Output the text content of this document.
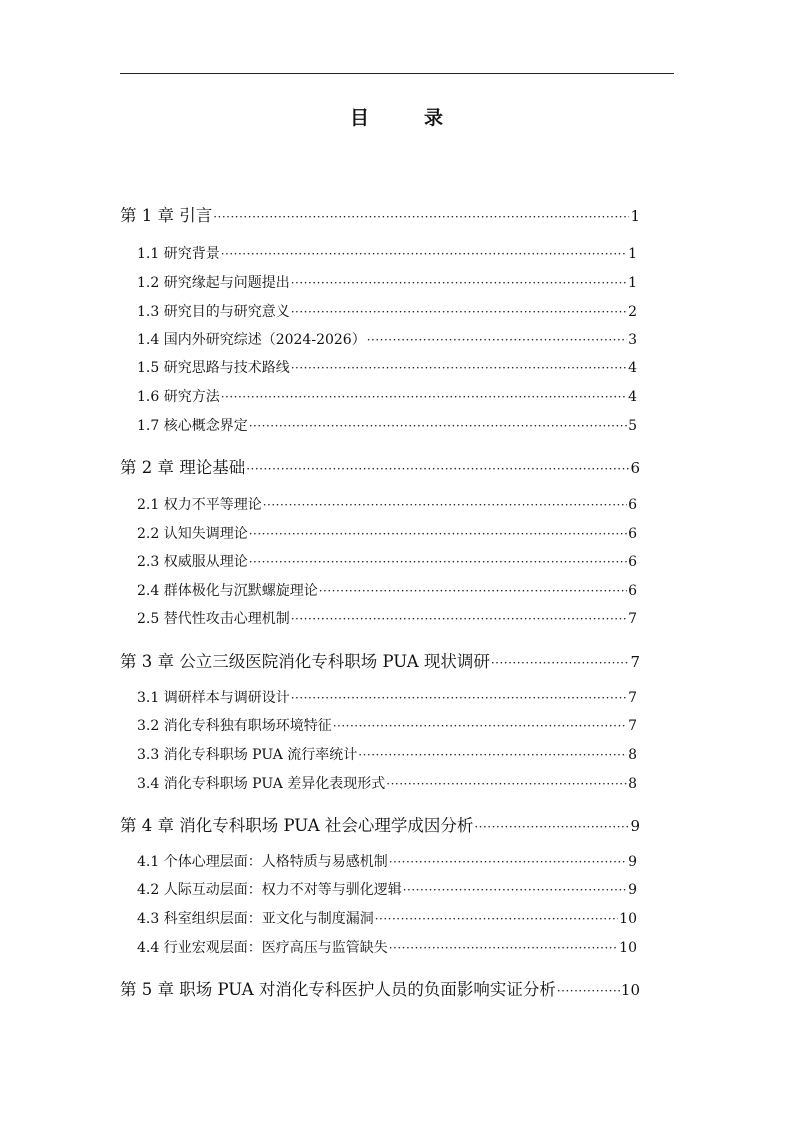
目　录
第 1 章 引言 ·····	1
1.1 研究背景 ·····	1
1.2 研究缘起与问题提出 ·····	1
1.3 研究目的与研究意义 ·····	2
1.4 国内外研究综述（2024-2026） ·····	3
1.5 研究思路与技术路线 ·····	4
1.6 研究方法 ·····	4
1.7 核心概念界定 ·····	5
第 2 章 理论基础 ·····	6
2.1 权力不平等理论 ·····	6
2.2 认知失调理论 ·····	6
2.3 权威服从理论 ·····	6
2.4 群体极化与沉默螺旋理论 ·····	6
2.5 替代性攻击心理机制 ·····	7
第 3 章 公立三级医院消化专科职场 PUA 现状调研 ·····	7
3.1 调研样本与调研设计 ·····	7
3.2 消化专科独有职场环境特征 ·····	7
3.3 消化专科职场 PUA 流行率统计 ·····	8
3.4 消化专科职场 PUA 差异化表现形式 ·····	8
第 4 章 消化专科职场 PUA 社会心理学成因分析 ·····	9
4.1 个体心理层面：人格特质与易感机制 ·····	9
4.2 人际互动层面：权力不对等与驯化逻辑 ·····	9
4.3 科室组织层面：亚文化与制度漏洞 ·····	10
4.4 行业宏观层面：医疗高压与监管缺失 ·····	10
第 5 章 职场 PUA 对消化专科医护人员的负面影响实证分析 ·····	10
